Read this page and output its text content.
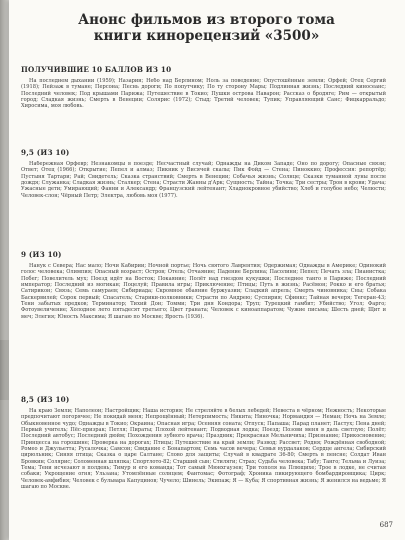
Анонс фильмов из второго тома
книги кинорецензий «3500»
ПОЛУЧИВШИЕ 10 БАЛЛОВ ИЗ 10
На последнем дыхании (1959); Назарин; Небо над Берлином; Ноль за поведение; Опустошённые земли; Орфей; Отец Сергий (1918); Пейзаж в тумане; Персона; Песнь дороги; По попутчику; По ту сторону Мары; Подлинная жизнь; Последний киносеанс; Последний человек; Под крышами Парижа; Путешествие в Токио; Пушки острова Наварон; Рассказ о бродяге; Рим — открытый город; Сладкая жизнь; Смерть в Венеции; Солярис (1972); Стыд; Третий человек; Тупик; Управляющий Санс; Фицкарральдо; Хиросима, моя любовь.
9,5 (ИЗ 10)
Набережная Орфевр; Незнакомцы в поезде; Несчастный случай; Однажды на Диком Западе; Оно по дорогу; Опасные связи; Ответ; Отец (1966); Открытие; Пепел и алмаз; Пикник у Висячей скалы; Пик Фойд — Стена; Пиноккио; Профессия: репортёр; Пустыня Тартари; Рай; Свидетель; Сказка странствий; Смерть в Венеции; Собачья жизнь; Солнце; Сказки туманной луны после дождя; Служанка; Сладкая жизнь; Сталкер; Стена; Страсти Жанны д'Арк; Сущность; Тайна; Точка; Три сестры; Трон в крови; Удача; Ужасные дети; Умирающий; Фанни и Александр; Французский лейтенант; Хладнокровное убийство; Хлеб и голубое небо; Челюсти; Человек-слон; Чёрный Петр; Электра, любовь моя (1977).
9 (ИЗ 10)
Нанук с Севера; Нас мало; Ночи Кабирии; Ночной портье; Ночь святого Лаврентия; Одержимая; Однажды в Америке; Одинокий голос человека; Олимпия; Опасный возраст; Остров; Отель; Отчаяние; Падение Берлина; Пасолини; Пепел; Печать зла; Пианистка; Побег; Повелитель мух; Поезд идёт на Восток; Покаяние; Полёт над гнездом кукушки; Последнее танго в Париже; Последний император; Последний из могикан; Поцелуй; Правила игры; Приключение; Птицы; Путь в жизнь; Расёмон; Рокко и его братья; Сатирикон; Связь; Семь самураев; Сибириада; Скромное обаяние буржуазии; Сладкий апрель; Смерть чиновника; Сны; Собака Баскервилей; Сорок первый; Спасатель; Старики-полковники; Страсти по Андрею; Суспирия; Сфинкс; Тайная вечеря; Тегеран-43; Тени забытых предков; Терминатор; Тихий Дон; Томми; Три дня Кондора; Труп; Турецкий гамбит; Убийство; Угол; Фарго; Фотоувеличение; Холодное лето пятьдесят третьего; Цвет граната; Человек с киноаппаратом; Чужие письма; Шесть дней; Щит и меч; Элегия; Юность Максима; Я шагаю по Москве; Ярость (1936).
8,5 (ИЗ 10)
На краю Земли; Наполеон; Настройщик; Наша история; Не стреляйте в белых лебедей; Невеста в чёрном; Нежность; Некоторые предпочитают погорячее; Не покидай меня; Непрощённый; Нетерпимость; Никита; Ниночка; Нормандия — Неман; Ночь на Земле; Обыкновенное чудо; Однажды в Токио; Окраина; Опасная игра; Осенняя соната; Отпуск; Папаша; Парад планет; Пастух; Пена дней; Первый учитель; Пёс-призрак; Петля; Пираты; Плохой лейтенант; Подводная лодка; Поезд; Позови меня в даль светлую; Полёт; Последний автобус; Последний дюйм; Похождения зубного врача; Праздник; Прекрасная Мельничиха; Признание; Прикосновение; Принцесса на горошине; Проверка на дорогах; Птицы; Путешествие на край земли; Развод; Рассвет; Родня; Рождённая свободной; Ромео и Джульетта; Русалочка; Самсон; Свидание с Бонапартом; Семь часов вечера; Семья вурдалаков; Сердце ангела; Сибирский цирюльник; Синяя птица; Сказка о царе Салтане; Слово для защиты; Случай в квадрате 36-80; Смерть в пенсне; Солдат Иван Бровкин; Солярис; Соломенная шляпка; Спортлото-82; Старший сын; Стиляги; Страх; Судьба человека; Табу; Танго; Тельма и Луиза; Тема; Тени исчезают в полдень; Тимур и его команда; Тот самый Мюнхгаузен; Три тополя на Плющихе; Трое в лодке, не считая собаки; Укрощение огня; Ульзана; Утомлённые солнцем; Фантомас; Фотограф; Хроника пикирующего бомбардировщика; Цирк; Человек-амфибия; Человек с бульвара Капуцинов; Чучело; Шинель; Экипаж; Я — Куба; Я спортивная жизнь; Я женился на ведьме; Я шагаю по Москве.
687
